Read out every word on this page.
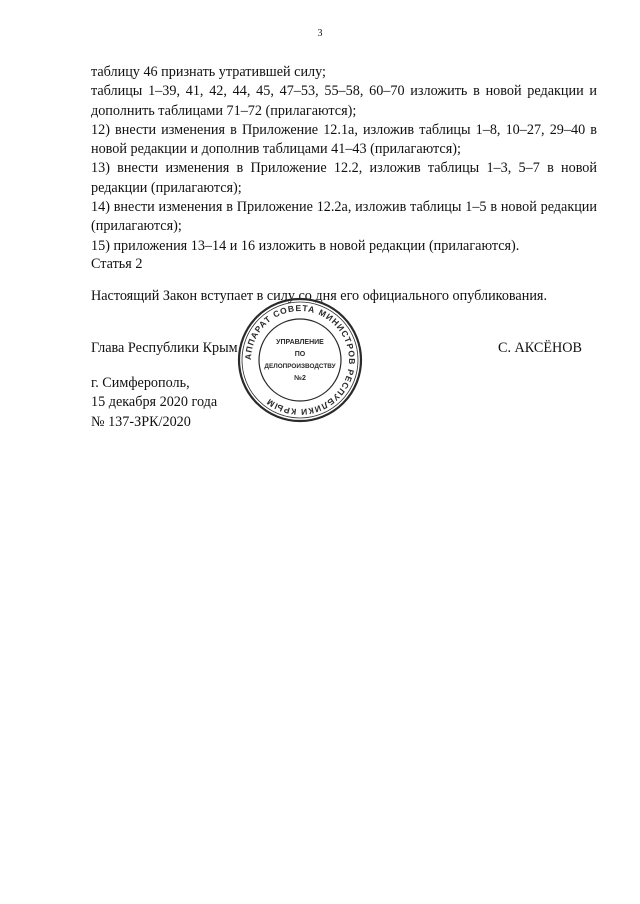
3

таблицу 46 признать утратившей силу;

таблицы 1–39, 41, 42, 44, 45, 47–53, 55–58, 60–70 изложить в новой редакции и дополнить таблицами 71–72 (прилагаются);

12) внести изменения в Приложение 12.1а, изложив таблицы 1–8, 10–27, 29–40 в новой редакции и дополнив таблицами 41–43 (прилагаются);

13) внести изменения в Приложение 12.2, изложив таблицы 1–3, 5–7 в новой редакции (прилагаются);

14) внести изменения в Приложение 12.2а, изложив таблицы 1–5 в новой редакции (прилагаются);

15) приложения 13–14 и 16 изложить в новой редакции (прилагаются).

Статья 2
Настоящий Закон вступает в силу со дня его официального опубликования.
Глава Республики Крым	С. АКСЁНОВ
г. Симферополь,
15 декабря 2020 года
№ 137-ЗРК/2020
АППАРАТ СОВЕТА МИНИСТРОВ РЕСПУБЛИКИ КРЫМ
УПРАВЛЕНИЕ
ПО
ДЕЛОПРОИЗВОДСТВУ
№2
